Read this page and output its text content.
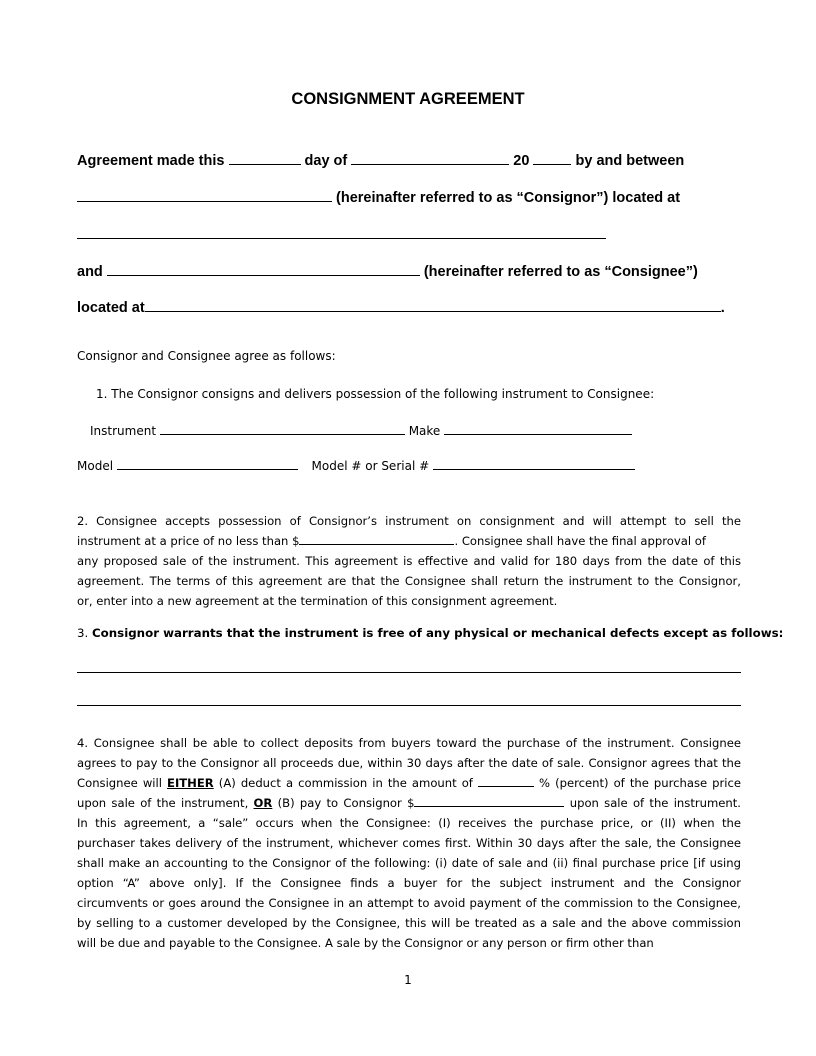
CONSIGNMENT AGREEMENT
Agreement made this	day of	20	by and between
(hereinafter referred to as “Consignor”) located at
and	(hereinafter referred to as “Consignee”)
located at	.
Consignor and Consignee agree as follows:
1. The Consignor consigns and delivers possession of the following instrument to Consignee:
Instrument	Make
Model	Model # or Serial #
2. Consignee accepts possession of Consignor’s instrument on consignment and will attempt to sell the
instrument at a price of no less than $	. Consignee shall have the final approval of
any proposed sale of the instrument. This agreement is effective and valid for 180 days from the date of this
agreement. The terms of this agreement are that the Consignee shall return the instrument to the Consignor,
or, enter into a new agreement at the termination of this consignment agreement.
3. Consignor warrants that the instrument is free of any physical or mechanical defects except as follows:
4. Consignee shall be able to collect deposits from buyers toward the purchase of the instrument. Consignee
agrees to pay to the Consignor all proceeds due, within 30 days after the date of sale. Consignor agrees that the
Consignee will EITHER (A) deduct a commission in the amount of	% (percent) of the purchase price
upon sale of the instrument, OR (B) pay to Consignor $	upon sale of the instrument.
In this agreement, a “sale” occurs when the Consignee: (I) receives the purchase price, or (II) when the
purchaser takes delivery of the instrument, whichever comes first. Within 30 days after the sale, the Consignee
shall make an accounting to the Consignor of the following: (i) date of sale and (ii) final purchase price [if using
option “A” above only]. If the Consignee finds a buyer for the subject instrument and the Consignor
circumvents or goes around the Consignee in an attempt to avoid payment of the commission to the Consignee,
by selling to a customer developed by the Consignee, this will be treated as a sale and the above commission
will be due and payable to the Consignee. A sale by the Consignor or any person or firm other than
1
